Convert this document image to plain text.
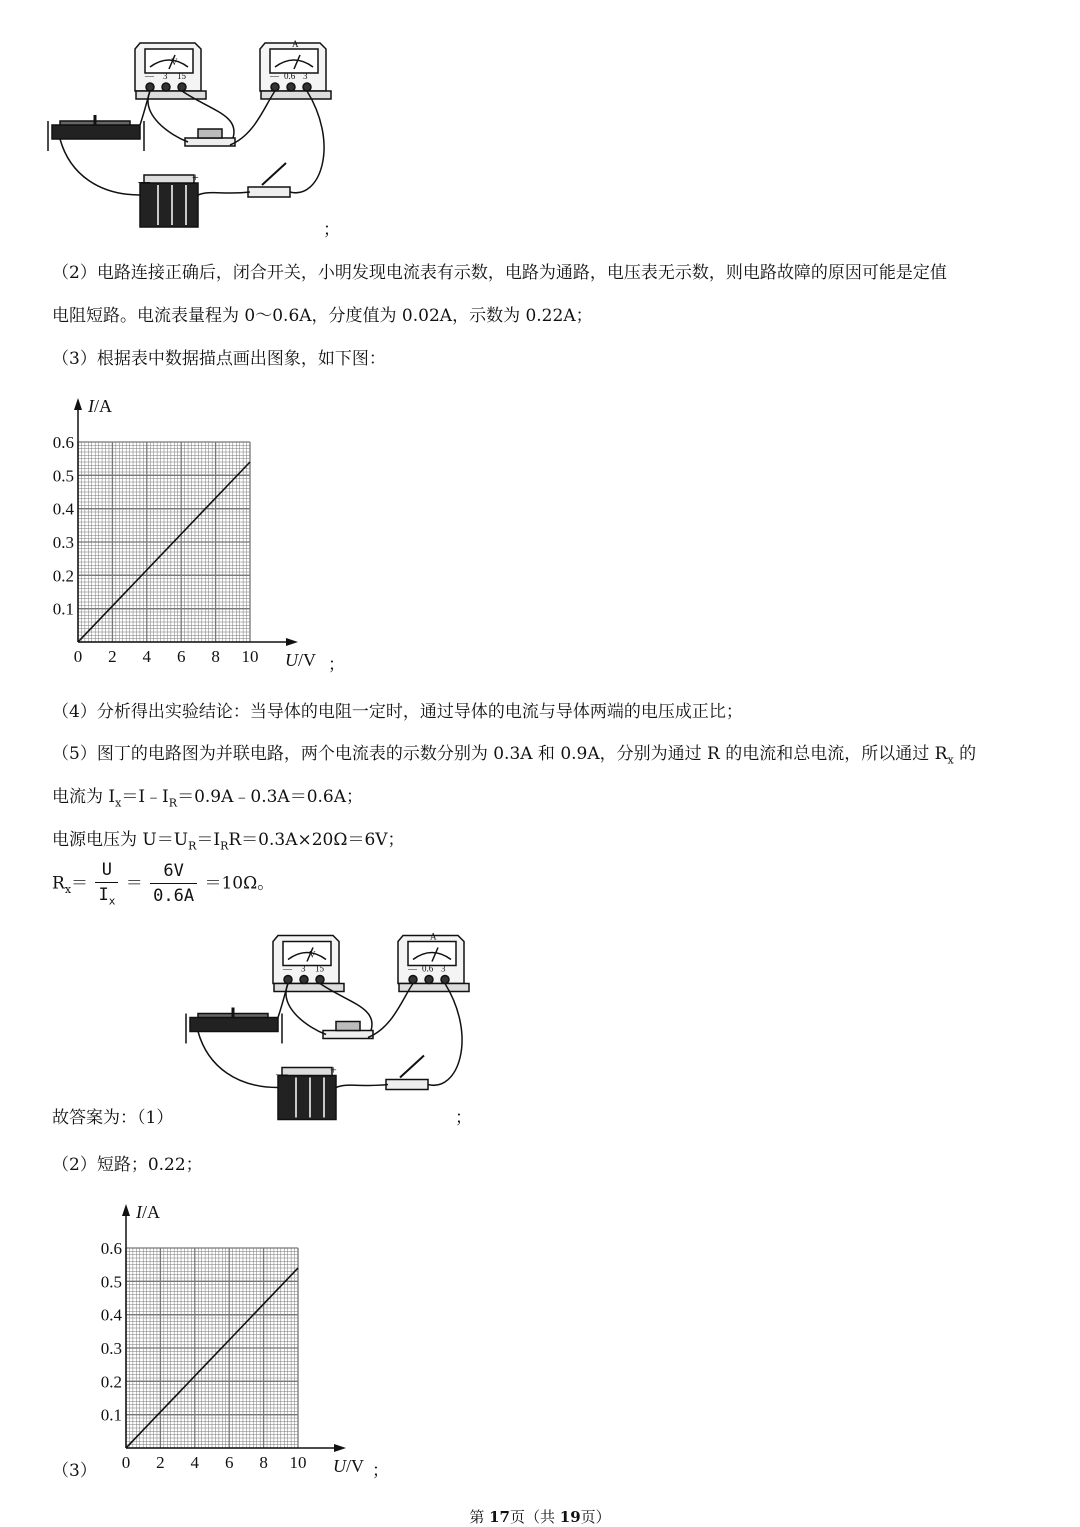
—
V
3 15	—
A
0.6 3
—	+
；
（2）电路连接正确后，闭合开关，小明发现电流表有示数，电路为通路，电压表无示数，则电路故障的原因可能是定值
电阻短路。电流表量程为 0～0.6A，分度值为 0.02A，示数为 0.22A；
（3）根据表中数据描点画出图象，如下图：
0 2 4 6 8 10
0.1
0.2
0.3
0.4
0.5
0.6
I/A
U/V ；
（4）分析得出实验结论：当导体的电阻一定时，通过导体的电流与导体两端的电压成正比；
（5）图丁的电路图为并联电路，两个电流表的示数分别为 0.3A 和 0.9A，分别为通过 R 的电流和总电流，所以通过 $R_x$ 的
电流为 $I_x=I﹣I_R=0.9A﹣0.3A=0.6A$；
电源电压为 $U=U_R=I_RR=0.3A\times 20\Omega=6V$；
$R_x= \frac{U}{I_x} = \frac{6V}{0.6A} =10\Omega$。
—
V
3 15	—
A
0.6 3
—	+
故答案为：（1）	；
（2）短路；0.22；
0 2 4 6 8 10
0.1
0.2
0.3
0.4
0.5
0.6
I/A
U/V
（3）	；
第 17页（共 19页）
